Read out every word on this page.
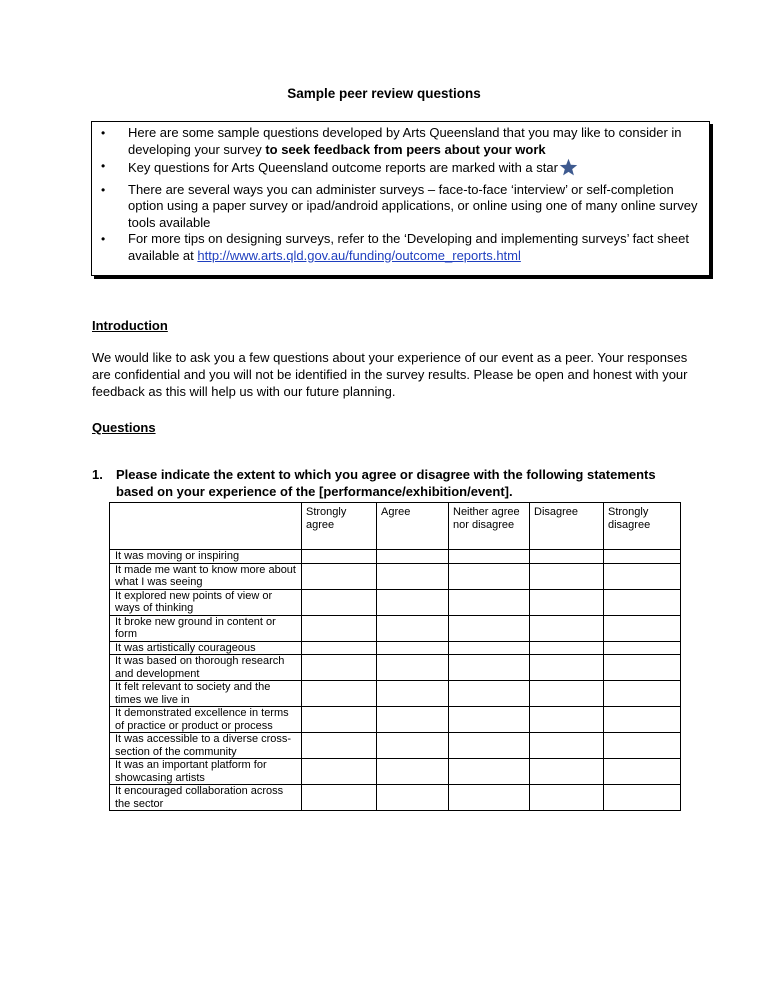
Sample peer review questions
• Here are some sample questions developed by Arts Queensland that you may like to consider in developing your survey to seek feedback from peers about your work
• Key questions for Arts Queensland outcome reports are marked with a star
• There are several ways you can administer surveys – face-to-face ‘interview’ or self-completion option using a paper survey or ipad/android applications, or online using one of many online survey tools available
• For more tips on designing surveys, refer to the ‘Developing and implementing surveys’ fact sheet available at http://www.arts.qld.gov.au/funding/outcome_reports.html
Introduction
We would like to ask you a few questions about your experience of our event as a peer. Your responses are confidential and you will not be identified in the survey results. Please be open and honest with your feedback as this will help us with our future planning.
Questions
1. Please indicate the extent to which you agree or disagree with the following statements based on your experience of the [performance/exhibition/event].
	Strongly agree	Agree	Neither agree nor disagree	Disagree	Strongly disagree
It was moving or inspiring					
It made me want to know more about what I was seeing					
It explored new points of view or ways of thinking					
It broke new ground in content or form					
It was artistically courageous					
It was based on thorough research and development					
It felt relevant to society and the times we live in					
It demonstrated excellence in terms of practice or product or process					
It was accessible to a diverse cross-section of the community					
It was an important platform for showcasing artists					
It encouraged collaboration across the sector					
